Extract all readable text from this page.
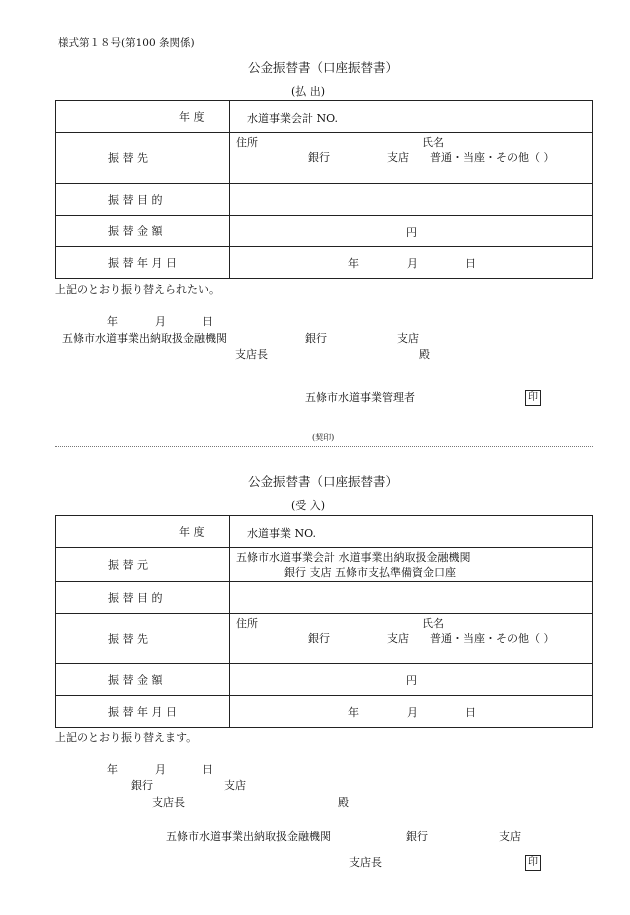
様式第１８号(第100 条関係)
公金振替書（口座振替書）
(払 出)
年 度	水道事業会計 NO.

振 替 先	住所 氏名
銀行 支店 普通・当座・その他（ ）

振 替 目 的	

振 替 金 額	円

振 替 年 月 日	年 月 日
上記のとおり振り替えられたい。
年	月	日
五條市水道事業出納取扱金融機関	銀行	支店
支店長	殿
五條市水道事業管理者	印
(契印)
公金振替書（口座振替書）
(受 入)
年 度	水道事業 NO.

振 替 元	五條市水道事業会計 水道事業出納取扱金融機関
銀行 支店 五條市支払準備資金口座

振 替 目 的	

振 替 先	住所 氏名
銀行 支店 普通・当座・その他（ ）

振 替 金 額	円

振 替 年 月 日	年 月 日
上記のとおり振り替えます。
年	月	日
銀行	支店
支店長	殿
五條市水道事業出納取扱金融機関	銀行	支店
支店長	印
